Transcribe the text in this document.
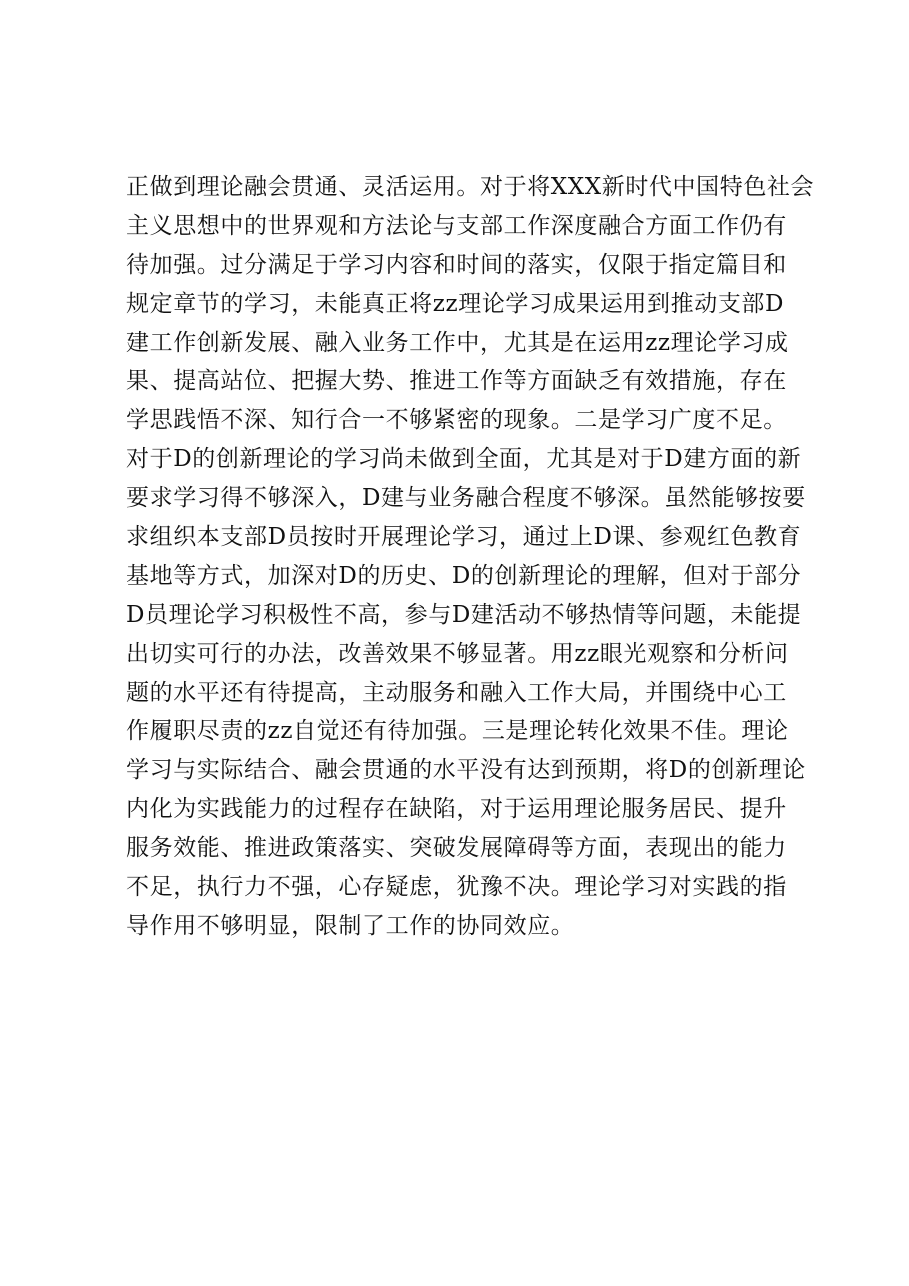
正做到理论融会贯通、灵活运用。对于将XXX新时代中国特色社会
主义思想中的世界观和方法论与支部工作深度融合方面工作仍有
待加强。过分满足于学习内容和时间的落实，仅限于指定篇目和
规定章节的学习，未能真正将zz理论学习成果运用到推动支部D
建工作创新发展、融入业务工作中，尤其是在运用zz理论学习成
果、提高站位、把握大势、推进工作等方面缺乏有效措施，存在
学思践悟不深、知行合一不够紧密的现象。二是学习广度不足。
对于D的创新理论的学习尚未做到全面，尤其是对于D建方面的新
要求学习得不够深入，D建与业务融合程度不够深。虽然能够按要
求组织本支部D员按时开展理论学习，通过上D课、参观红色教育
基地等方式，加深对D的历史、D的创新理论的理解，但对于部分
D员理论学习积极性不高，参与D建活动不够热情等问题，未能提
出切实可行的办法，改善效果不够显著。用zz眼光观察和分析问
题的水平还有待提高，主动服务和融入工作大局，并围绕中心工
作履职尽责的zz自觉还有待加强。三是理论转化效果不佳。理论
学习与实际结合、融会贯通的水平没有达到预期，将D的创新理论
内化为实践能力的过程存在缺陷，对于运用理论服务居民、提升
服务效能、推进政策落实、突破发展障碍等方面，表现出的能力
不足，执行力不强，心存疑虑，犹豫不决。理论学习对实践的指
导作用不够明显，限制了工作的协同效应。
